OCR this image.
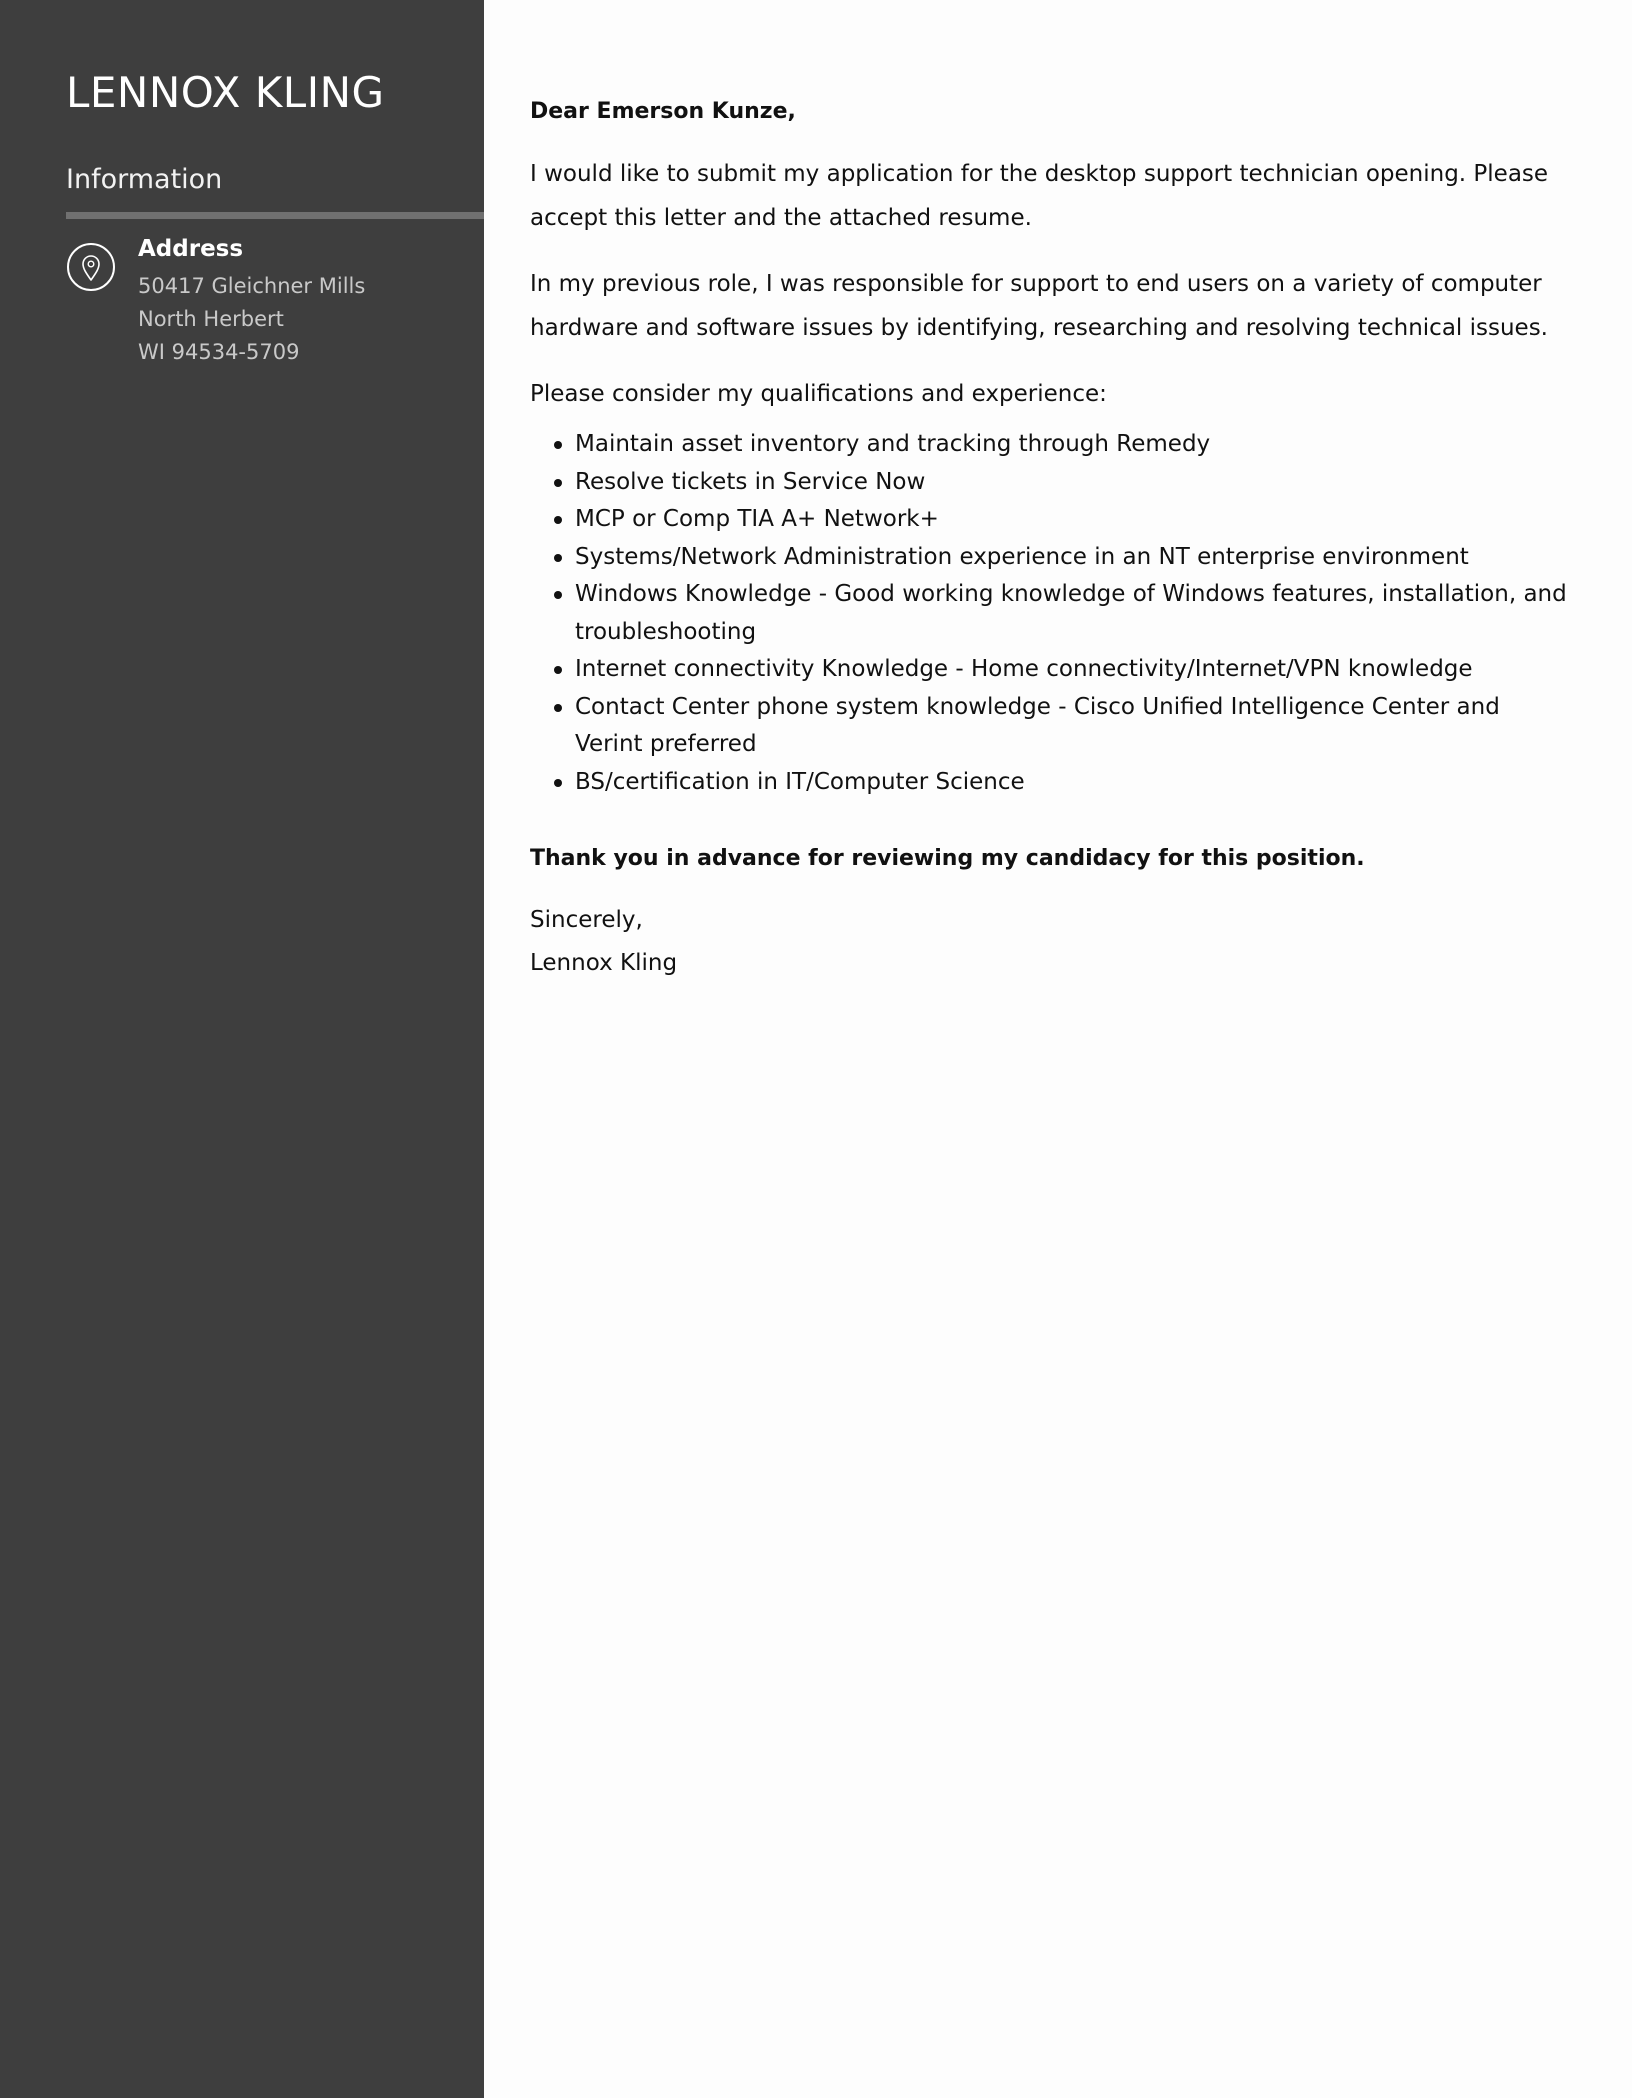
LENNOX KLING
Information
Address
50417 Gleichner Mills
North Herbert
WI 94534-5709

Dear Emerson Kunze,

I would like to submit my application for the desktop support technician opening. Please accept this letter and the attached resume.

In my previous role, I was responsible for support to end users on a variety of computer hardware and software issues by identifying, researching and resolving technical issues.

Please consider my qualifications and experience:

Maintain asset inventory and tracking through Remedy
Resolve tickets in Service Now
MCP or Comp TIA A+ Network+
Systems/Network Administration experience in an NT enterprise environment
Windows Knowledge - Good working knowledge of Windows features, installation, and troubleshooting
Internet connectivity Knowledge - Home connectivity/Internet/VPN knowledge
Contact Center phone system knowledge - Cisco Unified Intelligence Center and Verint preferred
BS/certification in IT/Computer Science

Thank you in advance for reviewing my candidacy for this position.

Sincerely,

Lennox Kling
